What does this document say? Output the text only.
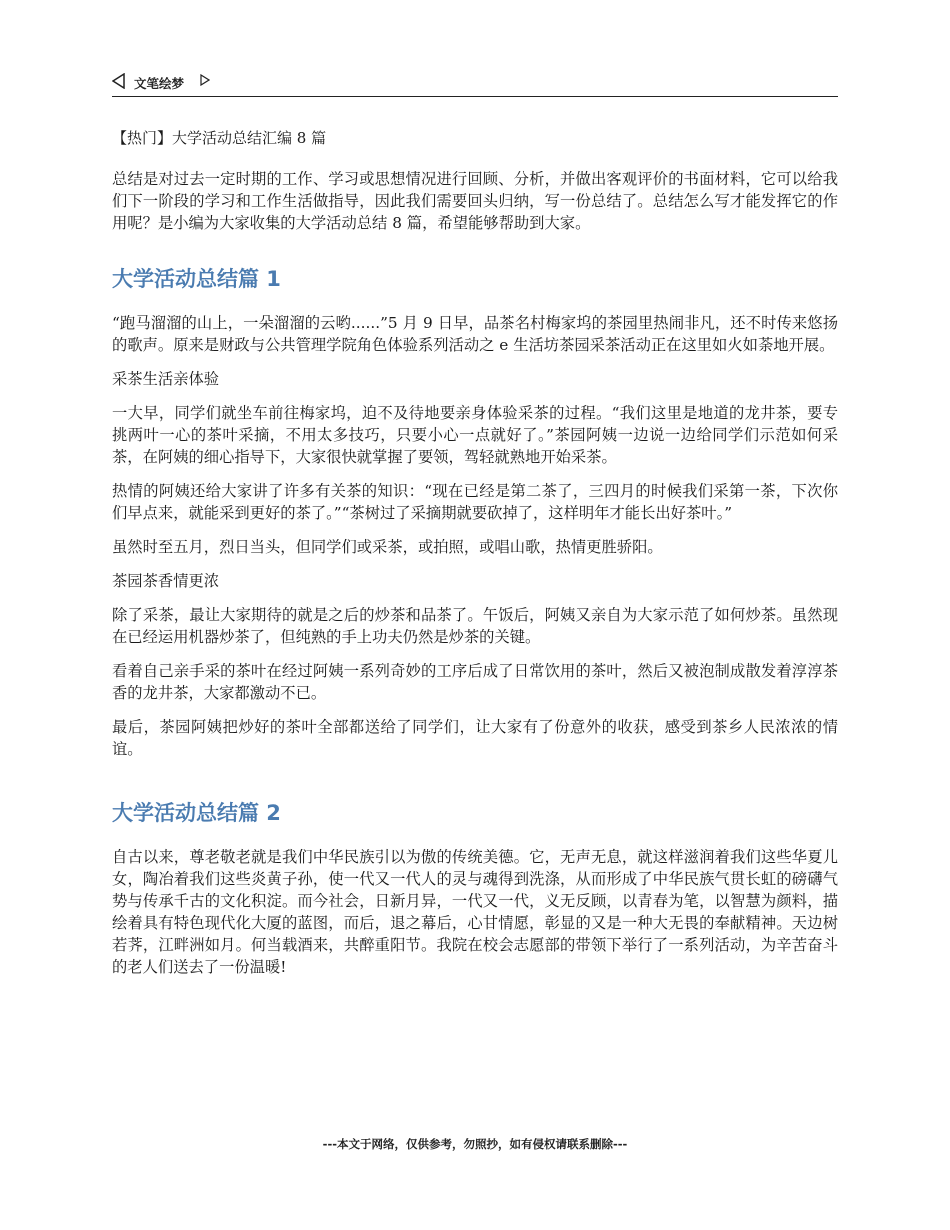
文笔绘梦
【热门】大学活动总结汇编 8 篇

总结是对过去一定时期的工作、学习或思想情况进行回顾、分析，并做出客观评价的书面材料，它可以给我们下一阶段的学习和工作生活做指导，因此我们需要回头归纳，写一份总结了。总结怎么写才能发挥它的作用呢？是小编为大家收集的大学活动总结 8 篇，希望能够帮助到大家。

大学活动总结篇 1

“跑马溜溜的山上，一朵溜溜的云哟......”5 月 9 日早，品茶名村梅家坞的茶园里热闹非凡，还不时传来悠扬的歌声。原来是财政与公共管理学院角色体验系列活动之 e 生活坊茶园采茶活动正在这里如火如荼地开展。

采茶生活亲体验

一大早，同学们就坐车前往梅家坞，迫不及待地要亲身体验采茶的过程。“我们这里是地道的龙井茶，要专挑两叶一心的茶叶采摘，不用太多技巧，只要小心一点就好了。”茶园阿姨一边说一边给同学们示范如何采茶，在阿姨的细心指导下，大家很快就掌握了要领，驾轻就熟地开始采茶。

热情的阿姨还给大家讲了许多有关茶的知识：“现在已经是第二茶了，三四月的时候我们采第一茶，下次你们早点来，就能采到更好的茶了。”“茶树过了采摘期就要砍掉了，这样明年才能长出好茶叶。”

虽然时至五月，烈日当头，但同学们或采茶，或拍照，或唱山歌，热情更胜骄阳。

茶园茶香情更浓

除了采茶，最让大家期待的就是之后的炒茶和品茶了。午饭后，阿姨又亲自为大家示范了如何炒茶。虽然现在已经运用机器炒茶了，但纯熟的手上功夫仍然是炒茶的关键。

看着自己亲手采的茶叶在经过阿姨一系列奇妙的工序后成了日常饮用的茶叶，然后又被泡制成散发着淳淳茶香的龙井茶，大家都激动不已。

最后，茶园阿姨把炒好的茶叶全部都送给了同学们，让大家有了份意外的收获，感受到茶乡人民浓浓的情谊。

大学活动总结篇 2

自古以来，尊老敬老就是我们中华民族引以为傲的传统美德。它，无声无息，就这样滋润着我们这些华夏儿女，陶冶着我们这些炎黄子孙，使一代又一代人的灵与魂得到洗涤，从而形成了中华民族气贯长虹的磅礴气势与传承千古的文化积淀。而今社会，日新月异，一代又一代，义无反顾，以青春为笔，以智慧为颜料，描绘着具有特色现代化大厦的蓝图，而后，退之幕后，心甘情愿，彰显的又是一种大无畏的奉献精神。天边树若荠，江畔洲如月。何当载酒来，共醉重阳节。我院在校会志愿部的带领下举行了一系列活动，为辛苦奋斗的老人们送去了一份温暖!

---本文于网络，仅供参考，勿照抄，如有侵权请联系删除---
